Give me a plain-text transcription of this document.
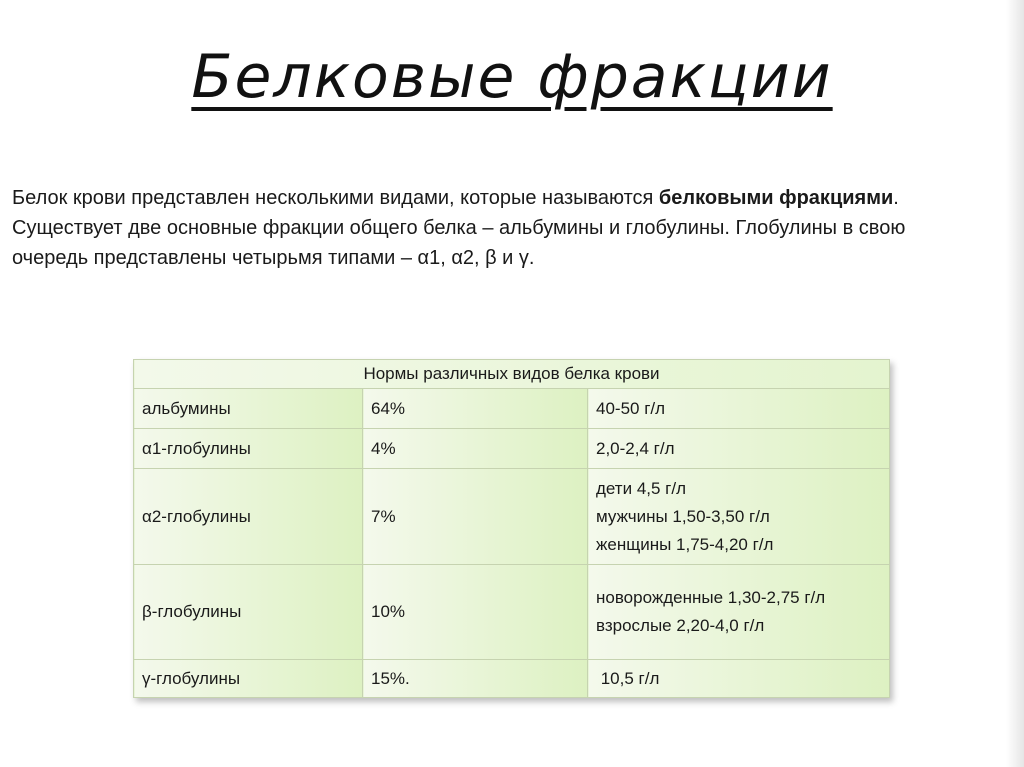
Белковые фракции

Белок крови представлен несколькими видами, которые называются белковыми фракциями. Существует две основные фракции общего белка – альбумины и глобулины. Глобулины в свою очередь представлены четырьмя типами – α1, α2, β и γ.

Нормы различных видов белка крови		
альбумины	64%	40-50 г/л

α1-глобулины	4%	2,0-2,4 г/л

α2-глобулины	7%	дети 4,5 г/л
мужчины 1,50-3,50 г/л
женщины 1,75-4,20 г/л

β-глобулины	10%	новорожденные 1,30-2,75 г/л
взрослые 2,20-4,0 г/л

γ-глобулины	15%.	10,5 г/л
